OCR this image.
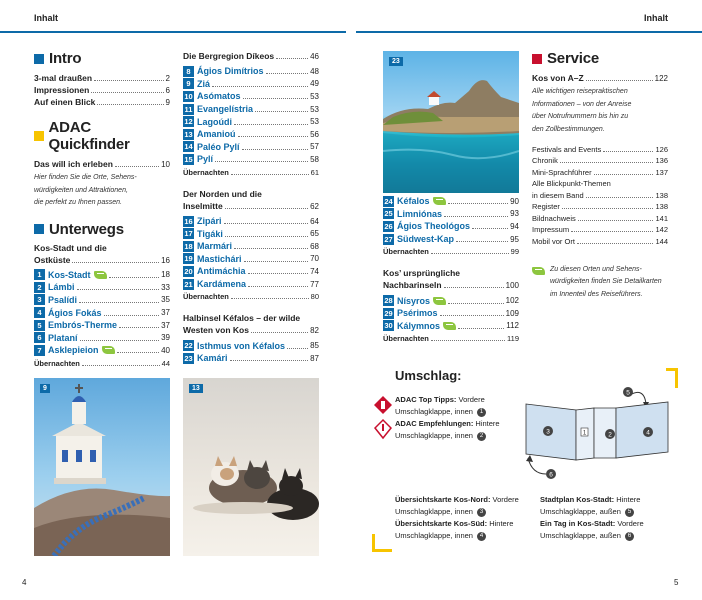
Inhalt	Inhalt
Intro
3-mal draußen	2
Impressionen	6
Auf einen Blick	9
ADAC Quickfinder
Das will ich erleben	10
Hier finden Sie die Orte, Sehens-
würdigkeiten und Attraktionen,
die perfekt zu Ihnen passen.
Unterwegs
Kos-Stadt und die
Ostküste	16
1 Kos-Stadt	18
2 Lámbi	33
3 Psalídi	35
4 Ágios Fokás	37
5 Embrós-Therme	37
6 Plataní	39
7 Asklepieion	40
Übernachten	44
Die Bergregion Díkeos	46
8 Ágios Dimítrios	48
9 Ziá	49
10 Asómatos	53
11 Evangelístria	53
12 Lagoúdi	53
13 Amanioú	56
14 Paléo Pylí	57
15 Pylí	58
Übernachten	61
Der Norden und die
Inselmitte	62
16 Zipári	64
17 Tigáki	65
18 Marmári	68
19 Mastichári	70
20 Antimáchia	74
21 Kardámena	77
Übernachten	80
Halbinsel Kéfalos – der wilde
Westen von Kos	82
22 Isthmus von Kéfalos	85
23 Kamári	87
9	13
23
24 Kéfalos	90
25 Limniónas	93
26 Ágios Theológos	94
27 Südwest-Kap	95
Übernachten	99
Kos’ ursprüngliche
Nachbarinseln	100
28 Nísyros	102
29 Psérimos	109
30 Kálymnos	112
Übernachten	119
Service
Kos von A–Z	122
Alle wichtigen reisepraktischen
Informationen – von der Anreise
über Notrufnummern bis hin zu
den Zollbestimmungen.
Festivals and Events	126
Chronik	136
Mini-Sprachführer	137
Alle Blickpunkt-Themen
in diesem Band	138
Register	138
Bildnachweis	141
Impressum	142
Mobil vor Ort	144
Zu diesen Orten und Sehens-
würdigkeiten finden Sie Detailkarten
im Innenteil des Reiseführers.
Umschlag:
ADAC Top Tipps: Vordere
Umschlagklappe, innen 1
ADAC Empfehlungen: Hintere
Umschlagklappe, innen 2
5
3	1	2	4
6
Übersichtskarte Kos-Nord: Vordere
Umschlagklappe, innen 3
Übersichtskarte Kos-Süd: Hintere
Umschlagklappe, innen 4
Stadtplan Kos-Stadt: Hintere
Umschlagklappe, außen 5
Ein Tag in Kos-Stadt: Vordere
Umschlagklappe, außen 6
4	5
